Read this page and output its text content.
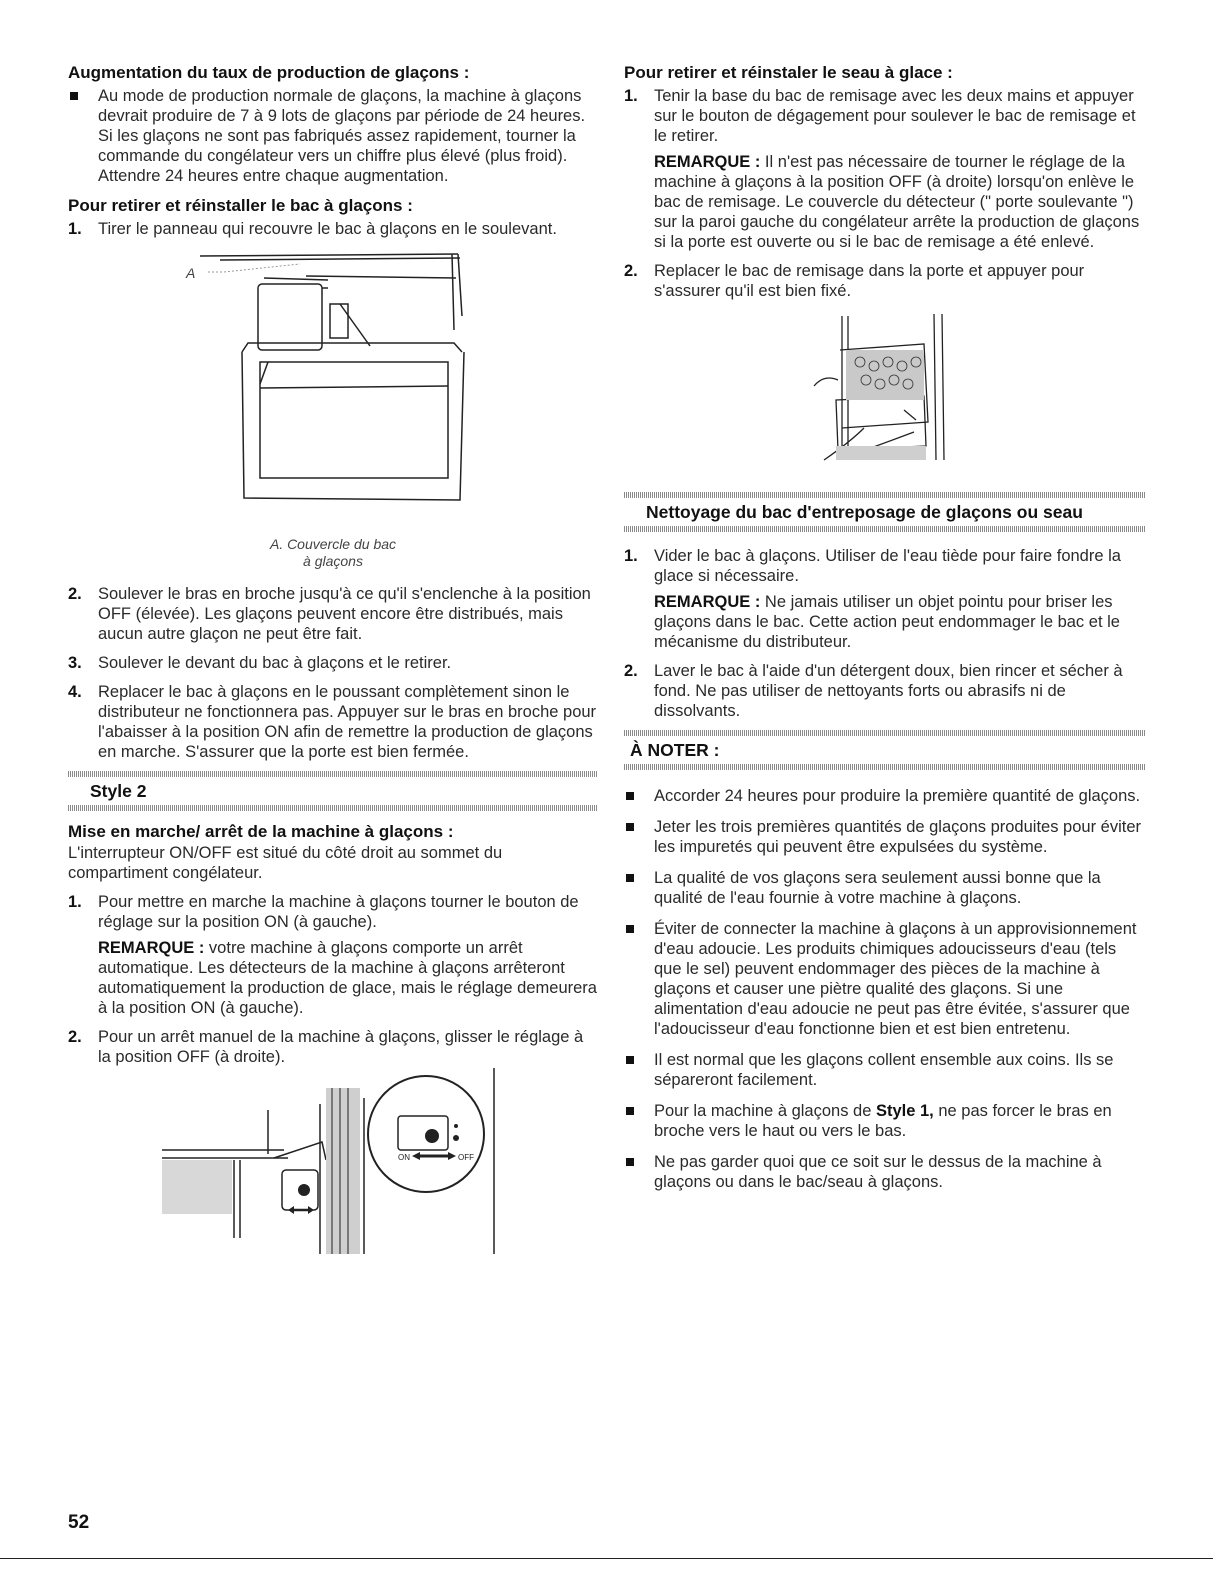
Augmentation du taux de production de glaçons :
Au mode de production normale de glaçons, la machine à glaçons devrait produire de 7 à 9 lots de glaçons par période de 24 heures. Si les glaçons ne sont pas fabriqués assez rapidement, tourner la commande du congélateur vers un chiffre plus élevé (plus froid). Attendre 24 heures entre chaque augmentation.
Pour retirer et réinstaller le bac à glaçons :
1. Tirer le panneau qui recouvre le bac à glaçons en le soulevant.
A
A. Couvercle du bac
à glaçons
2. Soulever le bras en broche jusqu'à ce qu'il s'enclenche à la position OFF (élevée). Les glaçons peuvent encore être distribués, mais aucun autre glaçon ne peut être fait.
3. Soulever le devant du bac à glaçons et le retirer.
4. Replacer le bac à glaçons en le poussant complètement sinon le distributeur ne fonctionnera pas. Appuyer sur le bras en broche pour l'abaisser à la position ON afin de remettre la production de glaçons en marche. S'assurer que la porte est bien fermée.
Style 2
Mise en marche/ arrêt de la machine à glaçons :

L'interrupteur ON/OFF est situé du côté droit au sommet du compartiment congélateur.

1. Pour mettre en marche la machine à glaçons tourner le bouton de réglage sur la position ON (à gauche).

REMARQUE : votre machine à glaçons comporte un arrêt automatique. Les détecteurs de la machine à glaçons arrêteront automatiquement la production de glace, mais le réglage demeurera à la position ON (à gauche).

2. Pour un arrêt manuel de la machine à glaçons, glisser le réglage à la position OFF (à droite).
ON	OFF
Pour retirer et réinstaler le seau à glace :
1. Tenir la base du bac de remisage avec les deux mains et appuyer sur le bouton de dégagement pour soulever le bac de remisage et le retirer.

REMARQUE : Il n'est pas nécessaire de tourner le réglage de la machine à glaçons à la position OFF (à droite) lorsqu'on enlève le bac de remisage. Le couvercle du détecteur (" porte soulevante ") sur la paroi gauche du congélateur arrête la production de glaçons si la porte est ouverte ou si le bac de remisage a été enlevé.

2. Replacer le bac de remisage dans la porte et appuyer pour s'assurer qu'il est bien fixé.
Nettoyage du bac d'entreposage de glaçons ou seau
1. Vider le bac à glaçons. Utiliser de l'eau tiède pour faire fondre la glace si nécessaire.

REMARQUE : Ne jamais utiliser un objet pointu pour briser les glaçons dans le bac. Cette action peut endommager le bac et le mécanisme du distributeur.

2. Laver le bac à l'aide d'un détergent doux, bien rincer et sécher à fond. Ne pas utiliser de nettoyants forts ou abrasifs ni de dissolvants.
À NOTER :
Accorder 24 heures pour produire la première quantité de glaçons.
Jeter les trois premières quantités de glaçons produites pour éviter les impuretés qui peuvent être expulsées du système.
La qualité de vos glaçons sera seulement aussi bonne que la qualité de l'eau fournie à votre machine à glaçons.
Éviter de connecter la machine à glaçons à un approvisionnement d'eau adoucie. Les produits chimiques adoucisseurs d'eau (tels que le sel) peuvent endommager des pièces de la machine à glaçons et causer une piètre qualité des glaçons. Si une alimentation d'eau adoucie ne peut pas être évitée, s'assurer que l'adoucisseur d'eau fonctionne bien et est bien entretenu.
Il est normal que les glaçons collent ensemble aux coins. Ils se sépareront facilement.
Pour la machine à glaçons de Style 1, ne pas forcer le bras en broche vers le haut ou vers le bas.
Ne pas garder quoi que ce soit sur le dessus de la machine à glaçons ou dans le bac/seau à glaçons.
52
